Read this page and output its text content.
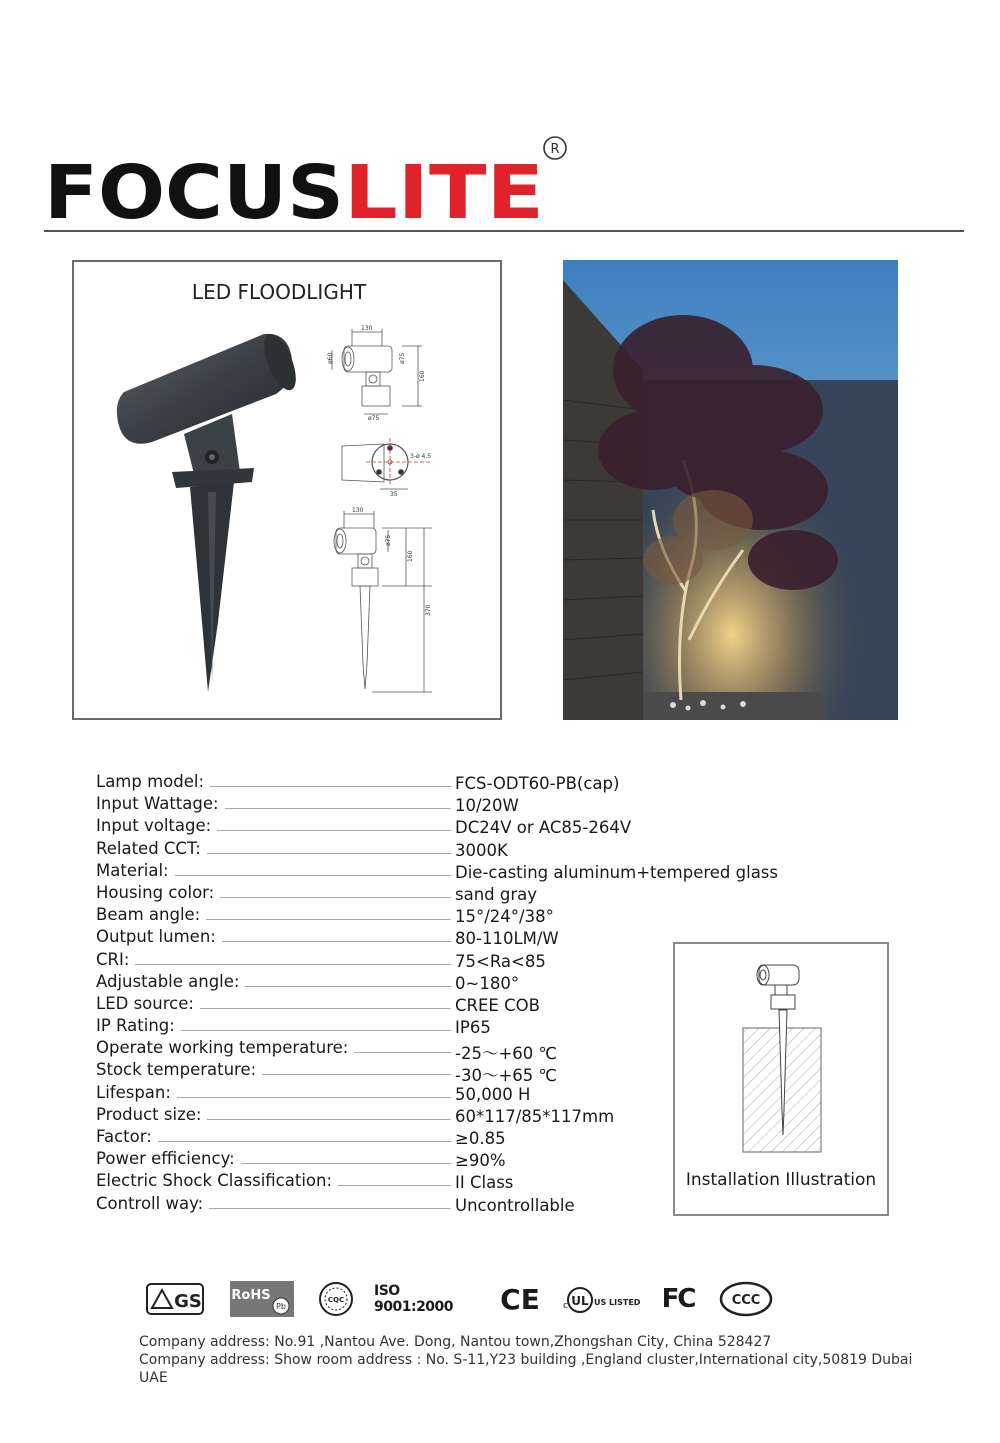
FOCUS LITE
R
LED FLOODLIGHT
130
ø60	ø75
160
ø75
3-ø 4.5
35
130
ø75
160
370
Lamp model:	FCS-ODT60-PB(cap)
Input Wattage:	10/20W
Input voltage:	DC24V or AC85-264V
Related CCT:	3000K
Material:	Die-casting aluminum+tempered glass
Housing color:	sand gray
Beam angle:	15°/24°/38°
Output lumen:	80-110LM/W
CRI:	75<Ra<85
Adjustable angle:	0~180°
LED source:	CREE COB
IP Rating:	IP65
Operate working temperature:	-25～+60 ℃
Stock temperature:	-30～+65 ℃
Lifespan:	50,000 H
Product size:	60*117/85*117mm
Factor:	≥0.85
Power efficiency:	≥90%
Electric Shock Classification:	II Class
Controll way:	Uncontrollable
Installation Illustration
GS RoHS
Pb
CQC
ISO 9001:2000	CE	c UL US LISTED FC	CCC
Company address: No.91 ,Nantou Ave. Dong, Nantou town,Zhongshan City, China 528427
Company address: Show room address : No. S-11,Y23 building ,England cluster,International city,50819 Dubai
UAE
